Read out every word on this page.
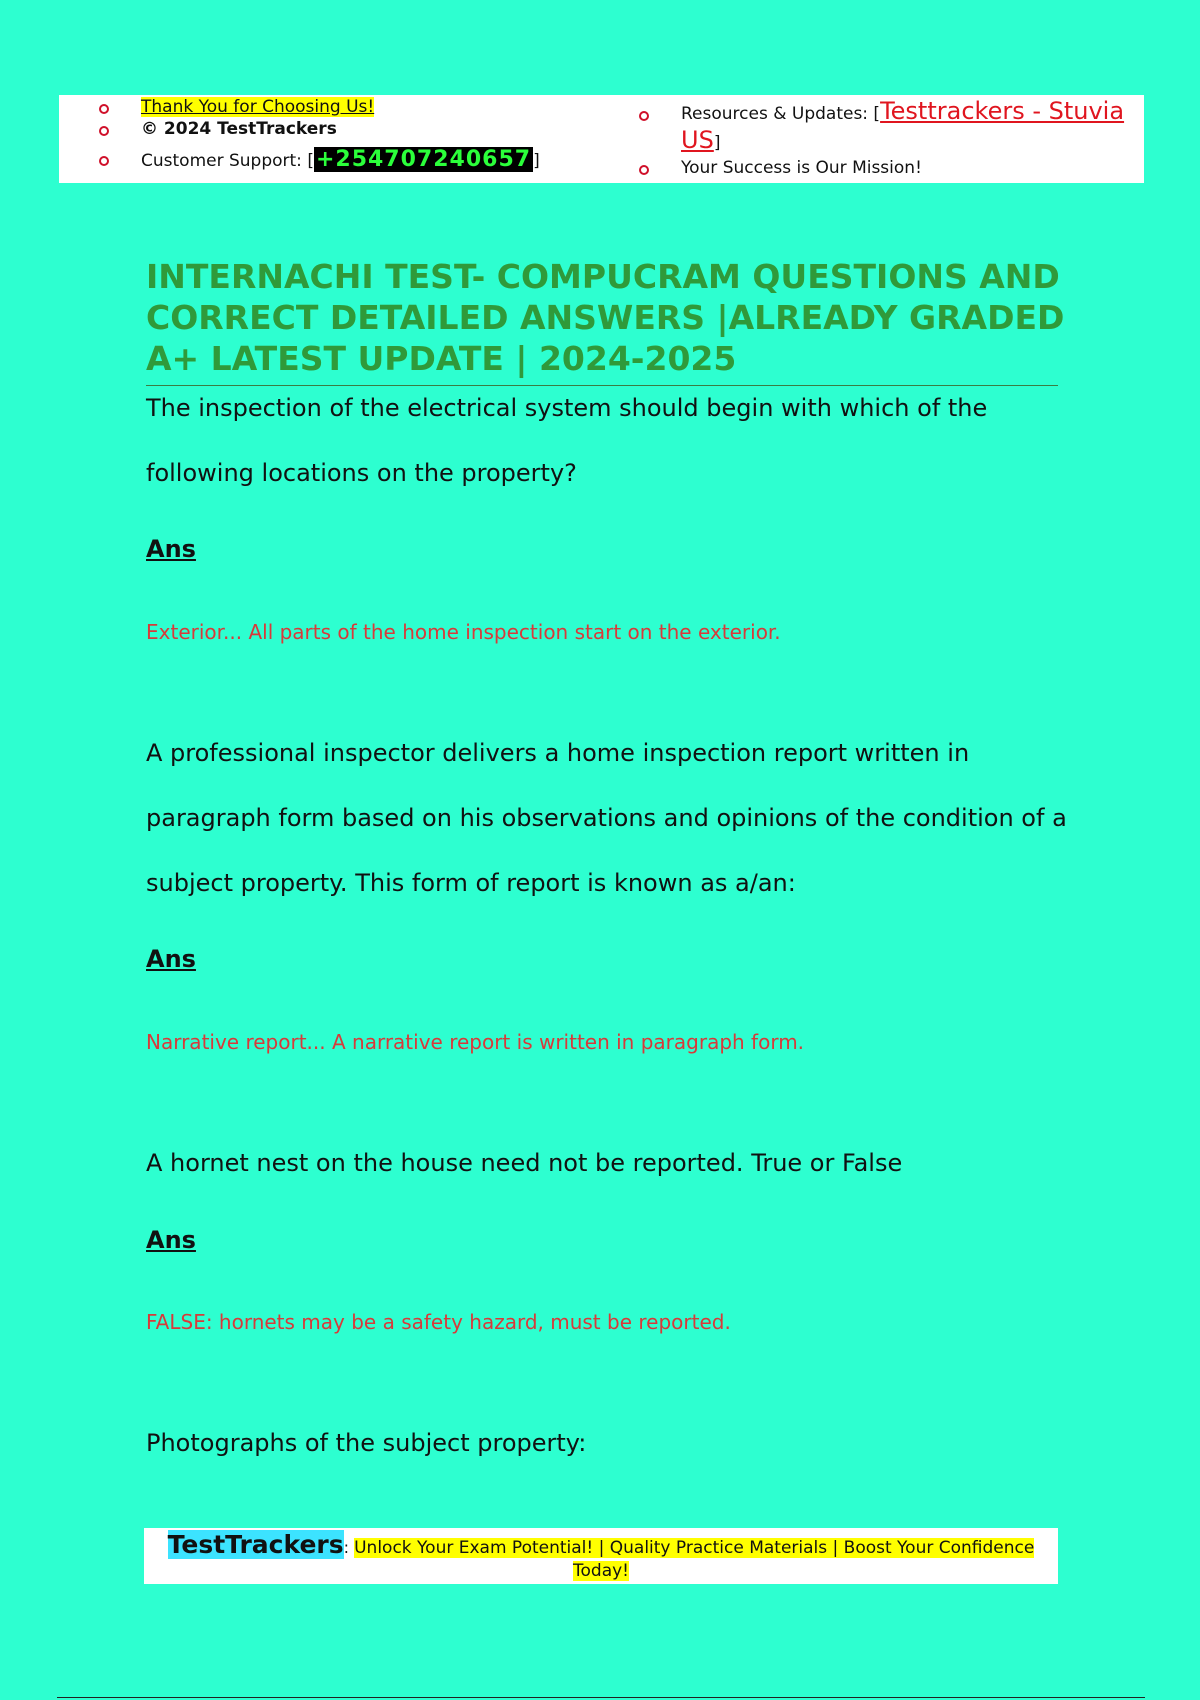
Thank You for Choosing Us!
© 2024 TestTrackers
Customer Support: [+254707240657 ]
Resources & Updates: [Testtrackers - Stuvia
US]
Your Success is Our Mission!
INTERNACHI TEST- COMPUCRAM QUESTIONS AND CORRECT DETAILED ANSWERS |ALREADY GRADED A+ LATEST UPDATE | 2024-2025
The inspection of the electrical system should begin with which of the
following locations on the property?
Ans
Exterior... All parts of the home inspection start on the exterior.
A professional inspector delivers a home inspection report written in
paragraph form based on his observations and opinions of the condition of a
subject property. This form of report is known as a/an:
Ans
Narrative report... A narrative report is written in paragraph form.
A hornet nest on the house need not be reported. True or False
Ans
FALSE: hornets may be a safety hazard, must be reported.
Photographs of the subject property:
TestTrackers: Unlock Your Exam Potential! | Quality Practice Materials | Boost Your Confidence
Today!
